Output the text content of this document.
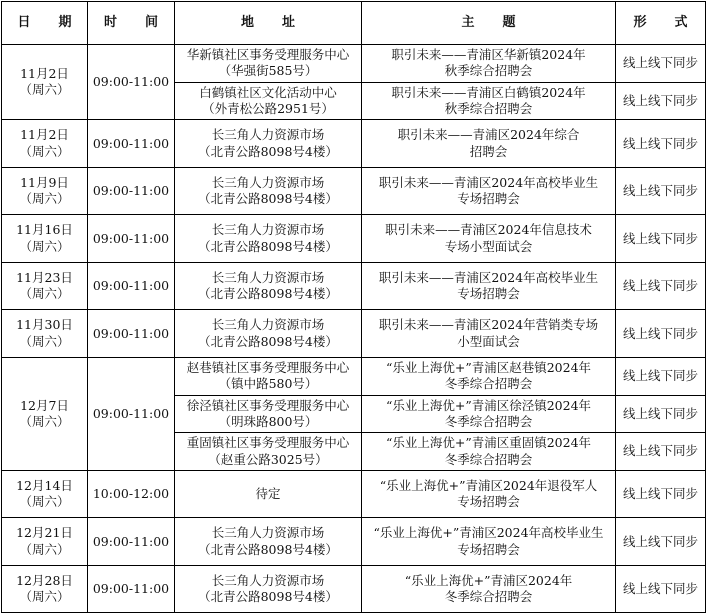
日 期	时 间	地 址	主 题	形 式

11月2日
（周六）	09:00-11:00	华新镇社区事务受理服务中心
（华强街585号）	职引未来——青浦区华新镇2024年
秋季综合招聘会	线上线下同步

		白鹤镇社区文化活动中心
（外青松公路2951号）	职引未来——青浦区白鹤镇2024年
秋季综合招聘会	线上线下同步

11月2日
（周六）	09:00-11:00	长三角人力资源市场
（北青公路8098号4楼）	职引未来——青浦区2024年综合
招聘会	线上线下同步

11月9日
（周六）	09:00-11:00	长三角人力资源市场
（北青公路8098号4楼）	职引未来——青浦区2024年高校毕业生
专场招聘会	线上线下同步

11月16日
（周六）	09:00-11:00	长三角人力资源市场
（北青公路8098号4楼）	职引未来——青浦区2024年信息技术
专场小型面试会	线上线下同步

11月23日
（周六）	09:00-11:00	长三角人力资源市场
（北青公路8098号4楼）	职引未来——青浦区2024年高校毕业生
专场招聘会	线上线下同步

11月30日
（周六）	09:00-11:00	长三角人力资源市场
（北青公路8098号4楼）	职引未来——青浦区2024年营销类专场
小型面试会	线上线下同步

12月7日
（周六）	09:00-11:00	赵巷镇社区事务受理服务中心
（镇中路580号）	“乐业上海优+”青浦区赵巷镇2024年
冬季综合招聘会	线上线下同步

		徐泾镇社区事务受理服务中心
（明珠路800号）	“乐业上海优+”青浦区徐泾镇2024年
冬季综合招聘会	线上线下同步

		重固镇社区事务受理服务中心
（赵重公路3025号）	“乐业上海优+”青浦区重固镇2024年
冬季综合招聘会	线上线下同步

12月14日
（周六）	10:00-12:00	待定	“乐业上海优+”青浦区2024年退役军人
专场招聘会	线上线下同步

12月21日
（周六）	09:00-11:00	长三角人力资源市场
（北青公路8098号4楼）	“乐业上海优+”青浦区2024年高校毕业生
专场招聘会	线上线下同步

12月28日
（周六）	09:00-11:00	长三角人力资源市场
（北青公路8098号4楼）	“乐业上海优+”青浦区2024年
冬季综合招聘会	线上线下同步
